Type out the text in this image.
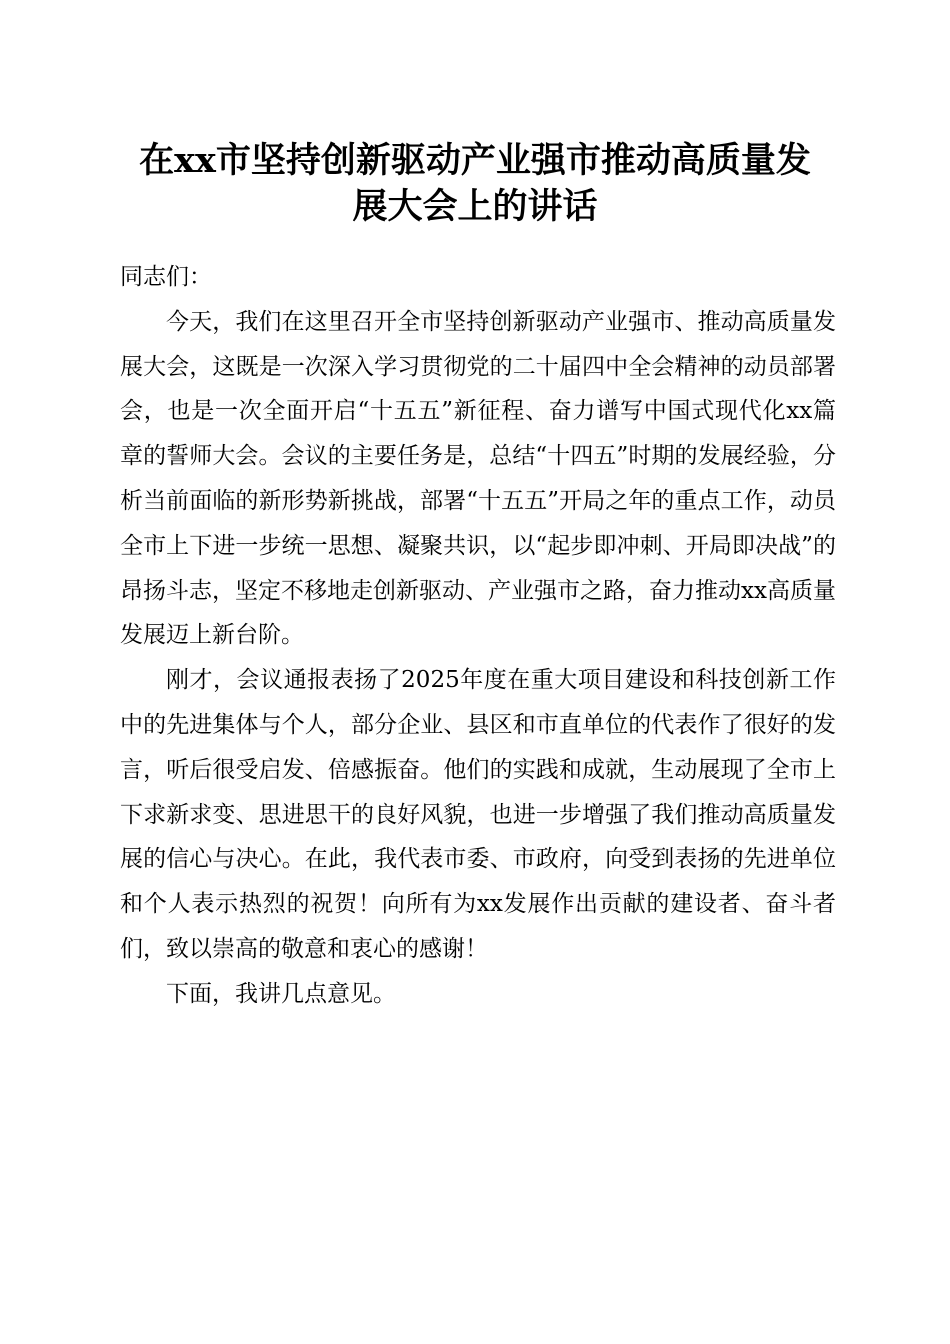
在xx市坚持创新驱动产业强市推动高质量发
展大会上的讲话

同志们：

今天，我们在这里召开全市坚持创新驱动产业强市、推动高质量发展大会，这既是一次深入学习贯彻党的二十届四中全会精神的动员部署会，也是一次全面开启“十五五”新征程、奋力谱写中国式现代化xx篇章的誓师大会。会议的主要任务是，总结“十四五”时期的发展经验，分析当前面临的新形势新挑战，部署“十五五”开局之年的重点工作，动员全市上下进一步统一思想、凝聚共识，以“起步即冲刺、开局即决战”的昂扬斗志，坚定不移地走创新驱动、产业强市之路，奋力推动xx高质量发展迈上新台阶。

刚才，会议通报表扬了2025年度在重大项目建设和科技创新工作中的先进集体与个人，部分企业、县区和市直单位的代表作了很好的发言，听后很受启发、倍感振奋。他们的实践和成就，生动展现了全市上下求新求变、思进思干的良好风貌，也进一步增强了我们推动高质量发展的信心与决心。在此，我代表市委、市政府，向受到表扬的先进单位和个人表示热烈的祝贺！向所有为xx发展作出贡献的建设者、奋斗者们，致以崇高的敬意和衷心的感谢！

下面，我讲几点意见。
